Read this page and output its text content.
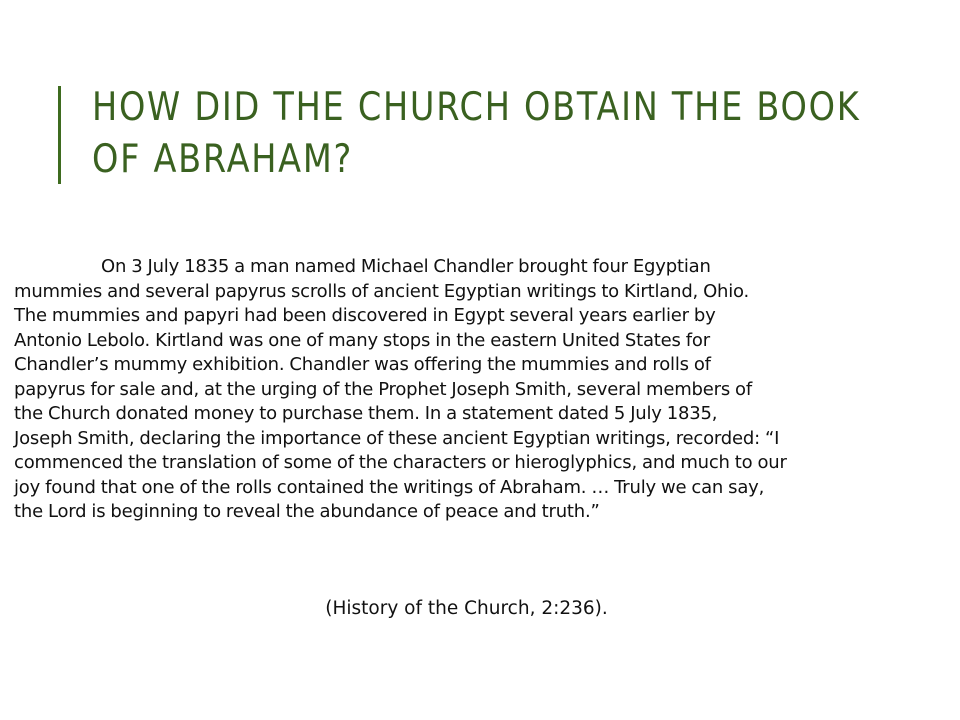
HOW DID THE CHURCH OBTAIN THE BOOK
OF ABRAHAM?
On 3 July 1835 a man named Michael Chandler brought four Egyptian
mummies and several papyrus scrolls of ancient Egyptian writings to Kirtland, Ohio.
The mummies and papyri had been discovered in Egypt several years earlier by
Antonio Lebolo. Kirtland was one of many stops in the eastern United States for
Chandler’s mummy exhibition. Chandler was offering the mummies and rolls of
papyrus for sale and, at the urging of the Prophet Joseph Smith, several members of
the Church donated money to purchase them. In a statement dated 5 July 1835,
Joseph Smith, declaring the importance of these ancient Egyptian writings, recorded: “I
commenced the translation of some of the characters or hieroglyphics, and much to our
joy found that one of the rolls contained the writings of Abraham. … Truly we can say,
the Lord is beginning to reveal the abundance of peace and truth.”
(History of the Church, 2:236).
